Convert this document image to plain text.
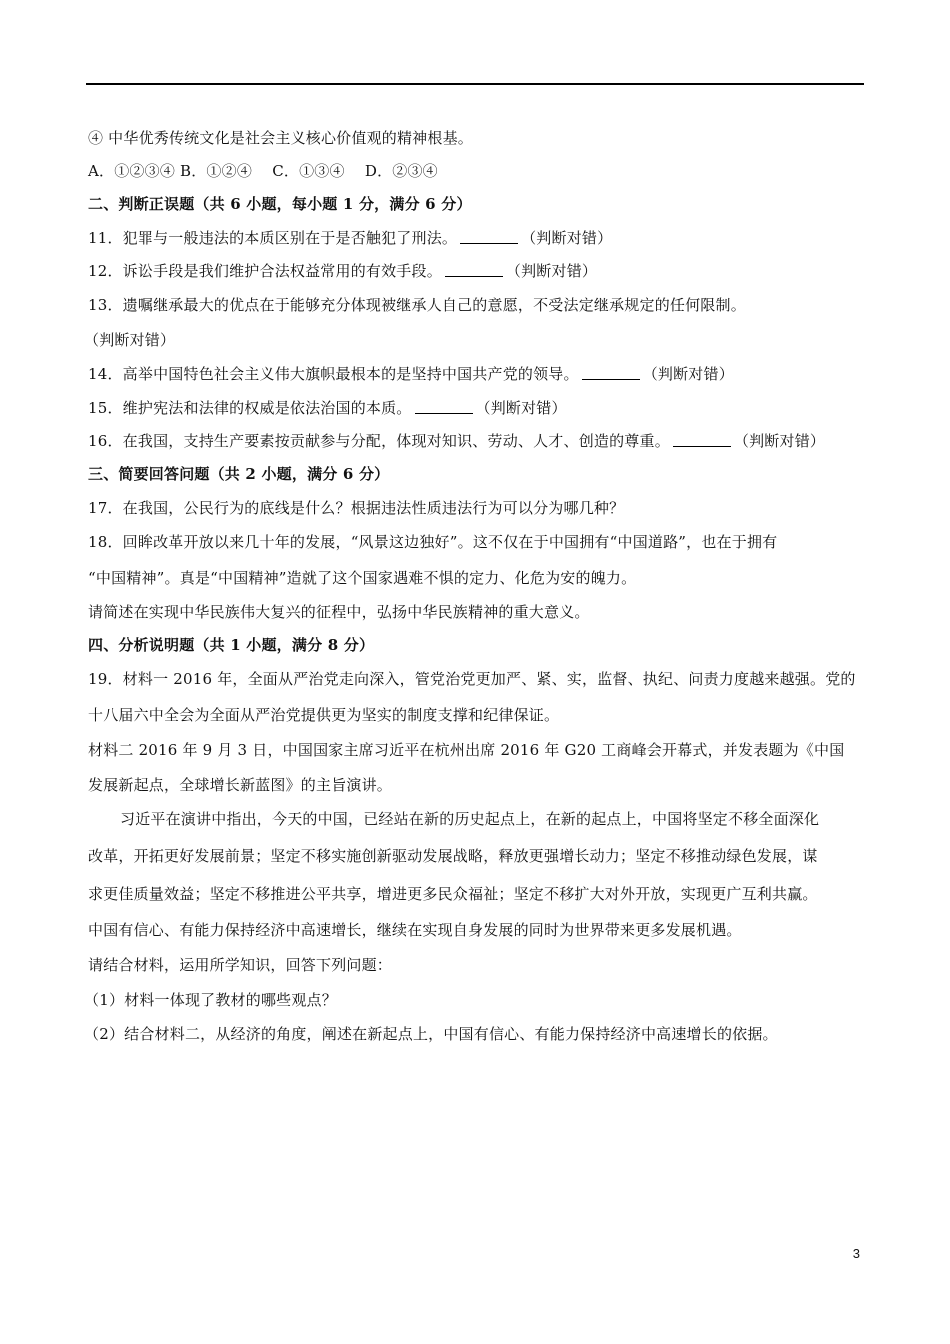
④ 中华优秀传统文化是社会主义核心价值观的精神根基。
A．①②③④ B．①②④　 C．①③④　 D．②③④
二、判断正误题（共 6 小题，每小题 1 分，满分 6 分）
11．犯罪与一般违法的本质区别在于是否触犯了刑法。	（判断对错）
12．诉讼手段是我们维护合法权益常用的有效手段。	（判断对错）
13．遗嘱继承最大的优点在于能够充分体现被继承人自己的意愿，不受法定继承规定的任何限制。
（判断对错）
14．高举中国特色社会主义伟大旗帜最根本的是坚持中国共产党的领导。	（判断对错）
15．维护宪法和法律的权威是依法治国的本质。	（判断对错）
16．在我国，支持生产要素按贡献参与分配，体现对知识、劳动、人才、创造的尊重。	（判断对错）
三、简要回答问题（共 2 小题，满分 6 分）
17．在我国，公民行为的底线是什么？根据违法性质违法行为可以分为哪几种？
18．回眸改革开放以来几十年的发展，“风景这边独好”。这不仅在于中国拥有“中国道路”，也在于拥有
“中国精神”。真是“中国精神”造就了这个国家遇难不惧的定力、化危为安的魄力。
请简述在实现中华民族伟大复兴的征程中，弘扬中华民族精神的重大意义。
四、分析说明题（共 1 小题，满分 8 分）
19．材料一 2016 年，全面从严治党走向深入，管党治党更加严、紧、实，监督、执纪、问责力度越来越强。党的
十八届六中全会为全面从严治党提供更为坚实的制度支撑和纪律保证。
材料二 2016 年 9 月 3 日，中国国家主席习近平在杭州出席 2016 年 G20 工商峰会开幕式，并发表题为《中国
发展新起点，全球增长新蓝图》的主旨演讲。
习近平在演讲中指出，今天的中国，已经站在新的历史起点上，在新的起点上，中国将坚定不移全面深化
改革，开拓更好发展前景；坚定不移实施创新驱动发展战略，释放更强增长动力；坚定不移推动绿色发展，谋
求更佳质量效益；坚定不移推进公平共享，增进更多民众福祉；坚定不移扩大对外开放，实现更广互利共赢。
中国有信心、有能力保持经济中高速增长，继续在实现自身发展的同时为世界带来更多发展机遇。
请结合材料，运用所学知识，回答下列问题：
（1）材料一体现了教材的哪些观点？
（2）结合材料二，从经济的角度，阐述在新起点上，中国有信心、有能力保持经济中高速增长的依据。
3
